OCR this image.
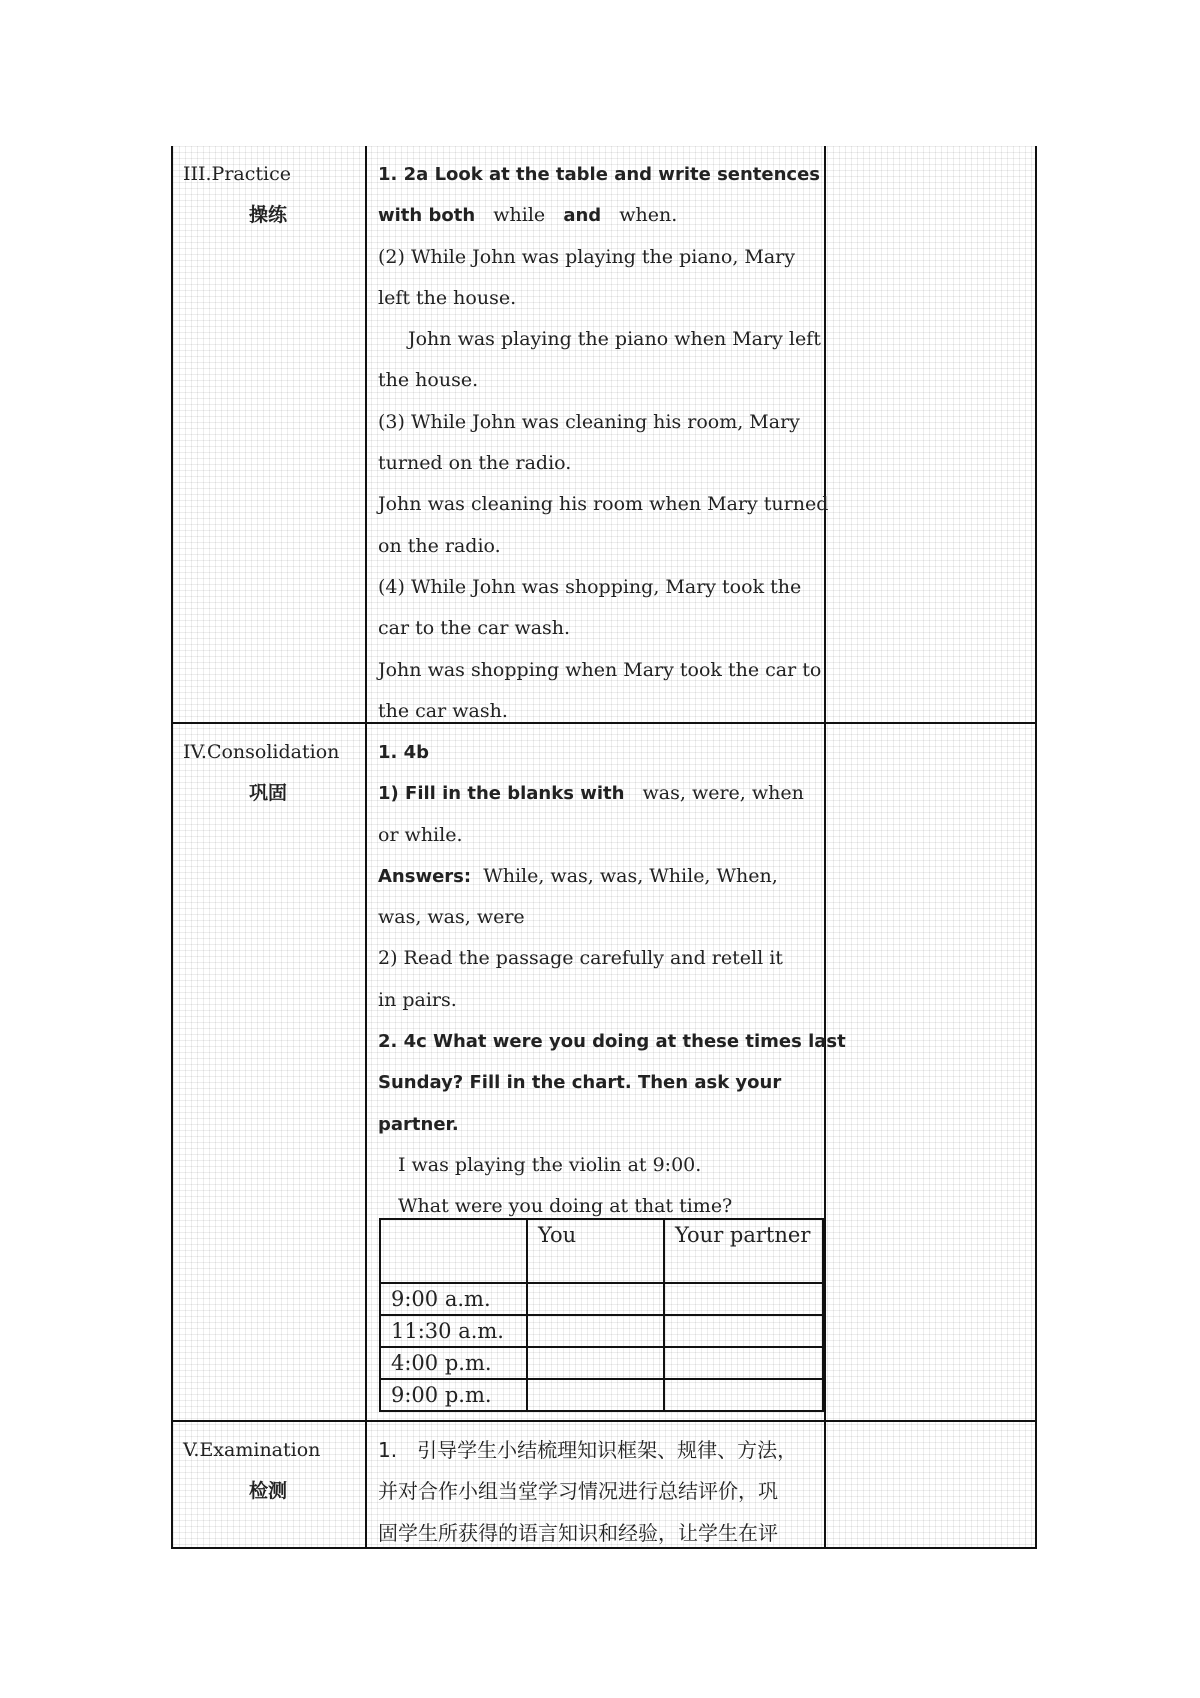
III.Practice
操练

1. 2a Look at the table and write sentences

with both while and when.

(2) While John was playing the piano, Mary

left the house.

John was playing the piano when Mary left

the house.

(3) While John was cleaning his room, Mary

turned on the radio.

John was cleaning his room when Mary turned

on the radio.

(4) While John was shopping, Mary took the

car to the car wash.

John was shopping when Mary took the car to

the car wash.

IV.Consolidation
巩固

1. 4b

1) Fill in the blanks with was, were, when

or while.

Answers: While, was, was, While, When,

was, was, were

2) Read the passage carefully and retell it

in pairs.

2. 4c What were you doing at these times last

Sunday? Fill in the chart. Then ask your

partner.

I was playing the violin at 9:00.

What were you doing at that time?

	You	Your partner
9:00 a.m.		
11:30 a.m.		
4:00 p.m.		
9:00 p.m.		
V.Examination
检测

1.　引导学生小结梳理知识框架、规律、方法，

并对合作小组当堂学习情况进行总结评价，巩

固学生所获得的语言知识和经验，让学生在评
